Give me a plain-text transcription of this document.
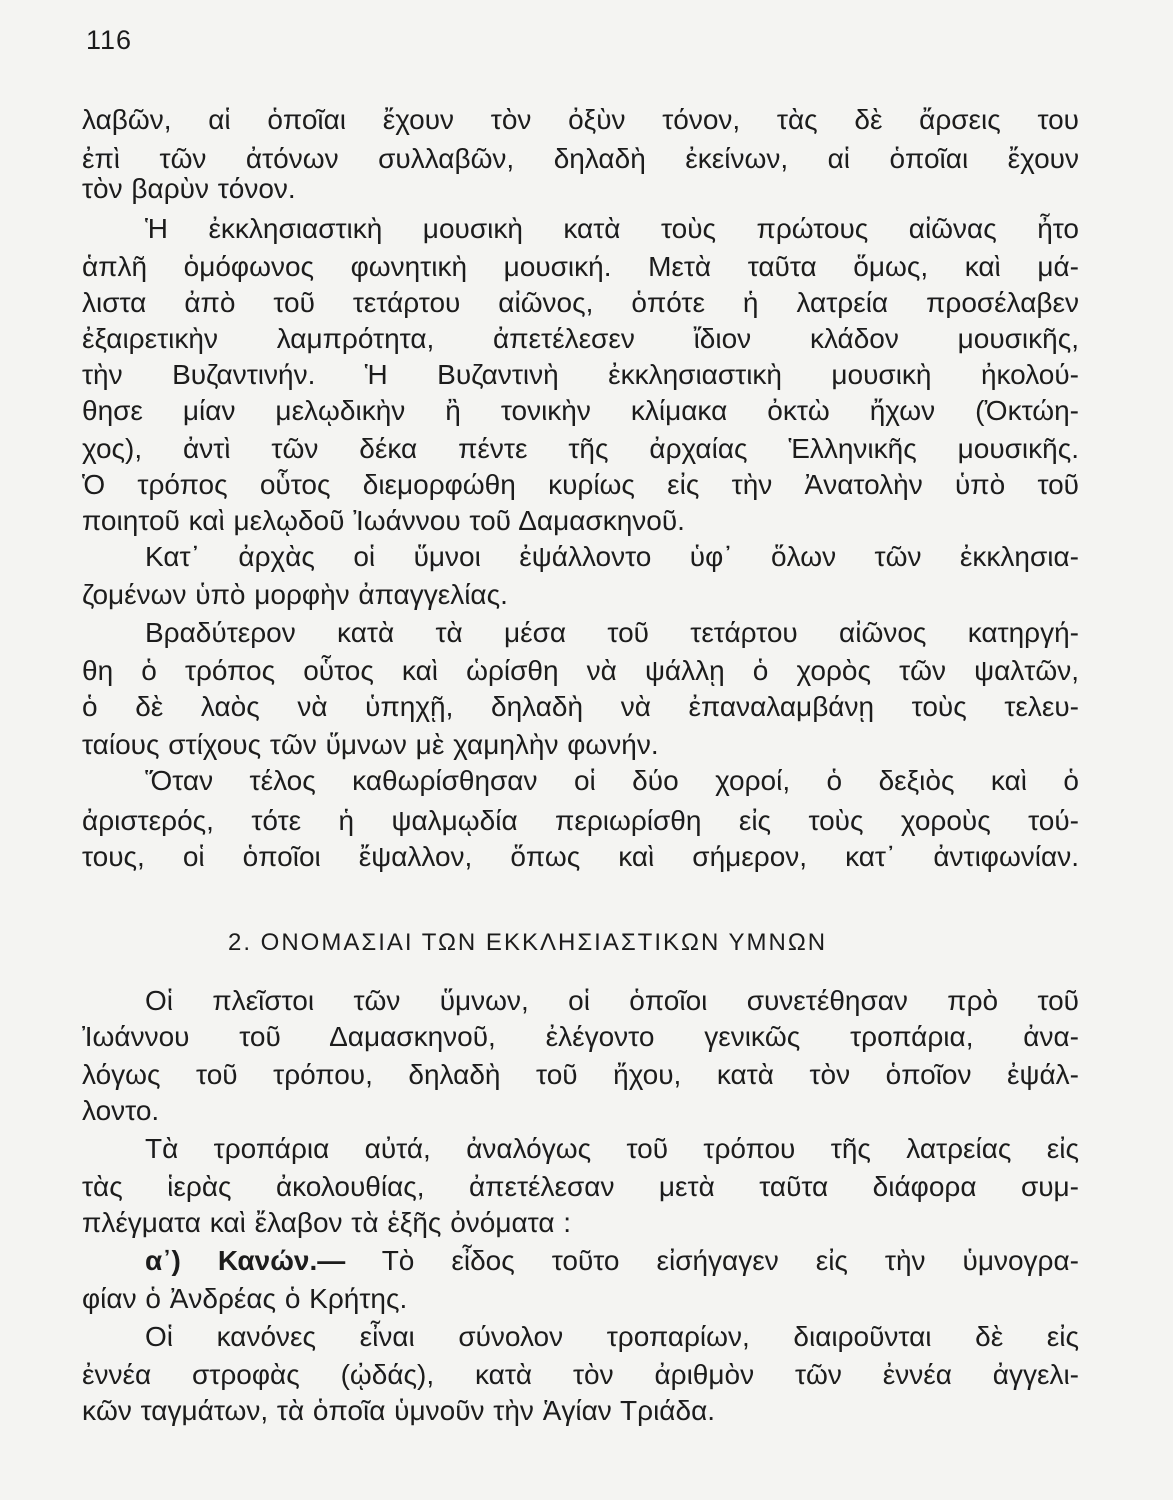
116
λαβῶν, αἱ ὁποῖαι ἔχουν τὸν ὀξὺν τόνον, τὰς δὲ ἄρσεις του
ἐπὶ τῶν ἀτόνων συλλαβῶν, δηλαδὴ ἐκείνων, αἱ ὁποῖαι ἔχουν
τὸν βαρὺν τόνον.
Ἡ ἐκκλησιαστικὴ μουσικὴ κατὰ τοὺς πρώτους αἰῶνας ἦτο
ἁπλῆ ὁμόφωνος φωνητικὴ μουσική. Μετὰ ταῦτα ὅμως, καὶ μά-
λιστα ἀπὸ τοῦ τετάρτου αἰῶνος, ὁπότε ἡ λατρεία προσέλαβεν
ἐξαιρετικὴν λαμπρότητα, ἀπετέλεσεν ἴδιον κλάδον μουσικῆς,
τὴν Βυζαντινήν. Ἡ Βυζαντινὴ ἐκκλησιαστικὴ μουσικὴ ἠκολού-
θησε μίαν μελῳδικὴν ἢ τονικὴν κλίμακα ὀκτὼ ἤχων (Ὀκτώη-
χος), ἀντὶ τῶν δέκα πέντε τῆς ἀρχαίας Ἑλληνικῆς μουσικῆς.
Ὁ τρόπος οὗτος διεμορφώθη κυρίως εἰς τὴν Ἀνατολὴν ὑπὸ τοῦ
ποιητοῦ καὶ μελῳδοῦ Ἰωάννου τοῦ Δαμασκηνοῦ.
Κατ᾽ ἀρχὰς οἱ ὕμνοι ἐψάλλοντο ὑφ᾽ ὅλων τῶν ἐκκλησια-
ζομένων ὑπὸ μορφὴν ἀπαγγελίας.
Βραδύτερον κατὰ τὰ μέσα τοῦ τετάρτου αἰῶνος κατηργή-
θη ὁ τρόπος οὗτος καὶ ὡρίσθη νὰ ψάλλῃ ὁ χορὸς τῶν ψαλτῶν,
ὁ δὲ λαὸς νὰ ὑπηχῇ, δηλαδὴ νὰ ἐπαναλαμβάνῃ τοὺς τελευ-
ταίους στίχους τῶν ὕμνων μὲ χαμηλὴν φωνήν.
Ὅταν τέλος καθωρίσθησαν οἱ δύο χοροί, ὁ δεξιὸς καὶ ὁ
ἀριστερός, τότε ἡ ψαλμῳδία περιωρίσθη εἰς τοὺς χοροὺς τού-
τους, οἱ ὁποῖοι ἔψαλλον, ὅπως καὶ σήμερον, κατ᾽ ἀντιφωνίαν.
2. ΟΝΟΜΑΣΙΑΙ ΤΩΝ ΕΚΚΛΗΣΙΑΣΤΙΚΩΝ ΥΜΝΩΝ
Οἱ πλεῖστοι τῶν ὕμνων, οἱ ὁποῖοι συνετέθησαν πρὸ τοῦ
Ἰωάννου τοῦ Δαμασκηνοῦ, ἐλέγοντο γενικῶς τροπάρια, ἀνα-
λόγως τοῦ τρόπου, δηλαδὴ τοῦ ἤχου, κατὰ τὸν ὁποῖον ἐψάλ-
λοντο.
Τὰ τροπάρια αὐτά, ἀναλόγως τοῦ τρόπου τῆς λατρείας εἰς
τὰς ἱερὰς ἀκολουθίας, ἀπετέλεσαν μετὰ ταῦτα διάφορα συμ-
πλέγματα καὶ ἔλαβον τὰ ἑξῆς ὀνόματα :
α᾽) Κανών.— Τὸ εἶδος τοῦτο εἰσήγαγεν εἰς τὴν ὑμνογρα-
φίαν ὁ Ἀνδρέας ὁ Κρήτης.
Οἱ κανόνες εἶναι σύνολον τροπαρίων, διαιροῦνται δὲ εἰς
ἐννέα στροφὰς (ᾠδάς), κατὰ τὸν ἀριθμὸν τῶν ἐννέα ἀγγελι-
κῶν ταγμάτων, τὰ ὁποῖα ὑμνοῦν τὴν Ἁγίαν Τριάδα.
